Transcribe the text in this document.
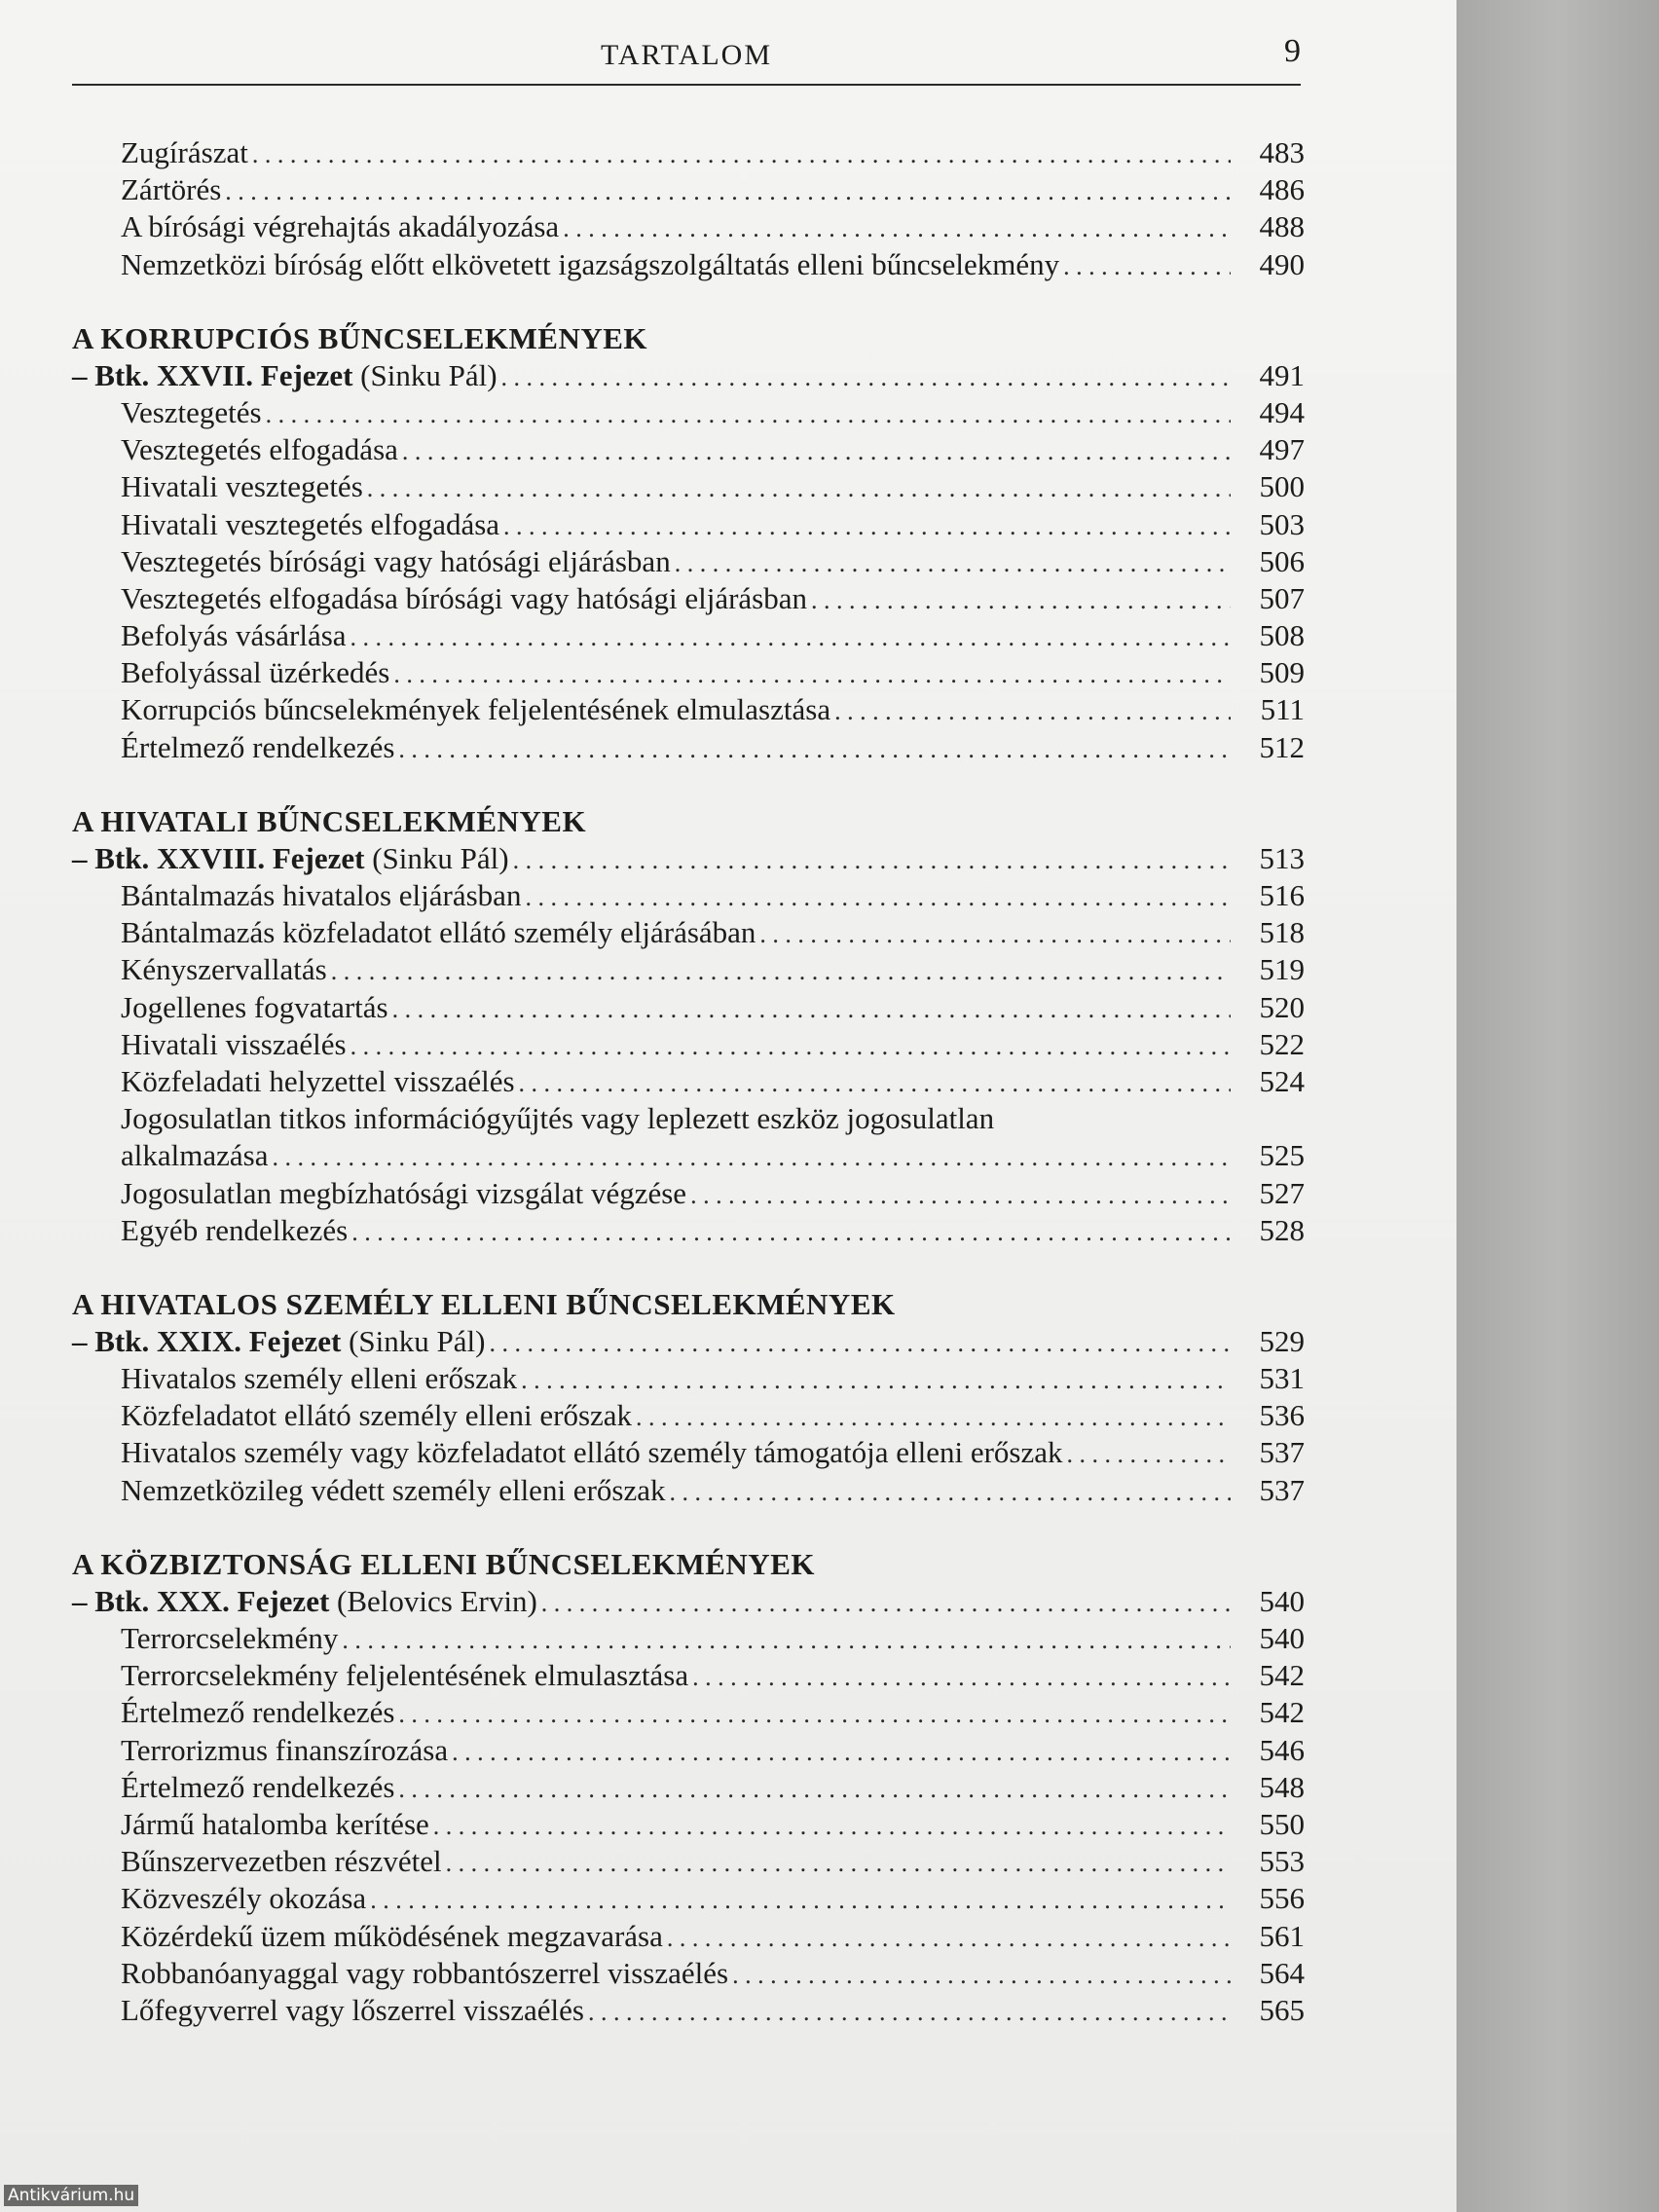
TARTALOM	9
Zugírászat . . .	483
Zártörés . . .	486
A bírósági végrehajtás akadályozása . . .	488
Nemzetközi bíróság előtt elkövetett igazságszolgáltatás elleni bűncselekmény . . .	490
A KORRUPCIÓS BŰNCSELEKMÉNYEK
– Btk. XXVII. Fejezet (Sinku Pál) . . .	491
Vesztegetés . . .	494
Vesztegetés elfogadása . . .	497
Hivatali vesztegetés . . .	500
Hivatali vesztegetés elfogadása . . .	503
Vesztegetés bírósági vagy hatósági eljárásban . . .	506
Vesztegetés elfogadása bírósági vagy hatósági eljárásban . . .	507
Befolyás vásárlása . . .	508
Befolyással üzérkedés . . .	509
Korrupciós bűncselekmények feljelentésének elmulasztása . . .	511
Értelmező rendelkezés . . .	512
A HIVATALI BŰNCSELEKMÉNYEK
– Btk. XXVIII. Fejezet (Sinku Pál) . . .	513
Bántalmazás hivatalos eljárásban . . .	516
Bántalmazás közfeladatot ellátó személy eljárásában . . .	518
Kényszervallatás . . .	519
Jogellenes fogvatartás . . .	520
Hivatali visszaélés . . .	522
Közfeladati helyzettel visszaélés . . .	524
Jogosulatlan titkos információgyűjtés vagy leplezett eszköz jogosulatlan
alkalmazása . . .	525
Jogosulatlan megbízhatósági vizsgálat végzése . . .	527
Egyéb rendelkezés . . .	528
A HIVATALOS SZEMÉLY ELLENI BŰNCSELEKMÉNYEK
– Btk. XXIX. Fejezet (Sinku Pál) . . .	529
Hivatalos személy elleni erőszak . . .	531
Közfeladatot ellátó személy elleni erőszak . . .	536
Hivatalos személy vagy közfeladatot ellátó személy támogatója elleni erőszak . . .	537
Nemzetközileg védett személy elleni erőszak . . .	537
A KÖZBIZTONSÁG ELLENI BŰNCSELEKMÉNYEK
– Btk. XXX. Fejezet (Belovics Ervin) . . .	540
Terrorcselekmény . . .	540
Terrorcselekmény feljelentésének elmulasztása . . .	542
Értelmező rendelkezés . . .	542
Terrorizmus finanszírozása . . .	546
Értelmező rendelkezés . . .	548
Jármű hatalomba kerítése . . .	550
Bűnszervezetben részvétel . . .	553
Közveszély okozása . . .	556
Közérdekű üzem működésének megzavarása . . .	561
Robbanóanyaggal vagy robbantószerrel visszaélés . . .	564
Lőfegyverrel vagy lőszerrel visszaélés . . .	565
Antikvárium.hu
